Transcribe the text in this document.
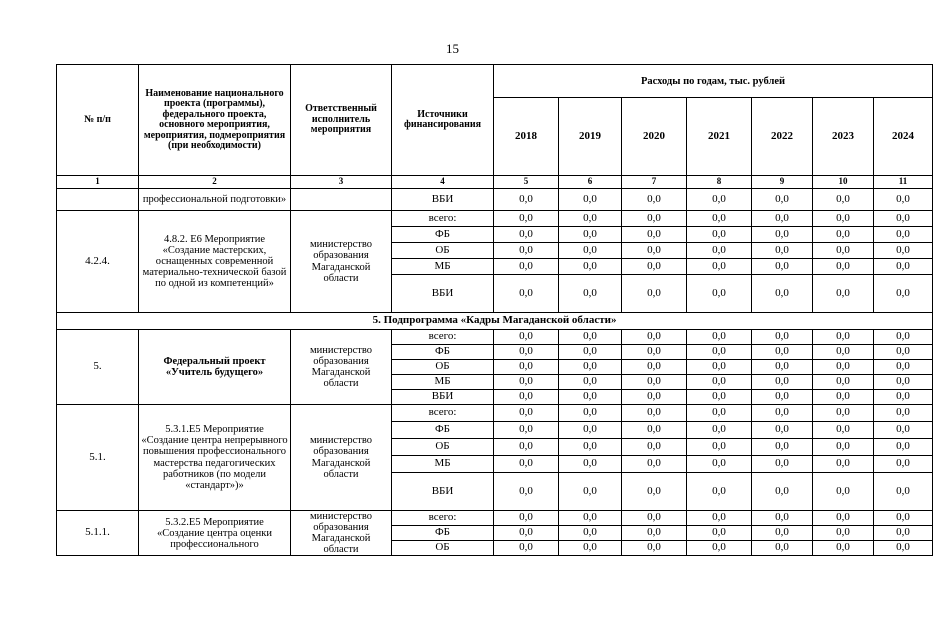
15
№ п/п	Наименование национального проекта (программы), федерального проекта, основного мероприятия, мероприятия, подмероприятия (при необходимости)	Ответственный исполнитель мероприятия	Источники финансирования	Расходы по годам, тыс. рублей						
				2018	2019	2020	2021	2022	2023	2024
1	2	3	4	5	6	7	8	9	10	11
	профессиональной подготовки»		ВБИ	0,0	0,0	0,0	0,0	0,0	0,0	0,0
4.2.4.	4.8.2. Е6 Мероприятие «Создание мастерских, оснащенных современной материально-технической базой по одной из компетенций»	министерство образования Магаданской области	всего:	0,0	0,0	0,0	0,0	0,0	0,0	0,0
			ФБ	0,0	0,0	0,0	0,0	0,0	0,0	0,0
			ОБ	0,0	0,0	0,0	0,0	0,0	0,0	0,0
			МБ	0,0	0,0	0,0	0,0	0,0	0,0	0,0
			ВБИ	0,0	0,0	0,0	0,0	0,0	0,0	0,0
5. Подпрограмма «Кадры Магаданской области»										
5.	Федеральный проект «Учитель будущего»	министерство образования Магаданской области	всего:	0,0	0,0	0,0	0,0	0,0	0,0	0,0
			ФБ	0,0	0,0	0,0	0,0	0,0	0,0	0,0
			ОБ	0,0	0,0	0,0	0,0	0,0	0,0	0,0
			МБ	0,0	0,0	0,0	0,0	0,0	0,0	0,0
			ВБИ	0,0	0,0	0,0	0,0	0,0	0,0	0,0
5.1.	5.3.1.Е5 Мероприятие «Создание центра непрерывного повышения профессионального мастерства педагогических работников (по модели «стандарт»)»	министерство образования Магаданской области	всего:	0,0	0,0	0,0	0,0	0,0	0,0	0,0
			ФБ	0,0	0,0	0,0	0,0	0,0	0,0	0,0
			ОБ	0,0	0,0	0,0	0,0	0,0	0,0	0,0
			МБ	0,0	0,0	0,0	0,0	0,0	0,0	0,0
			ВБИ	0,0	0,0	0,0	0,0	0,0	0,0	0,0
5.1.1.	5.3.2.Е5 Мероприятие «Создание центра оценки профессионального	министерство образования Магаданской области	всего:	0,0	0,0	0,0	0,0	0,0	0,0	0,0
			ФБ	0,0	0,0	0,0	0,0	0,0	0,0	0,0
			ОБ	0,0	0,0	0,0	0,0	0,0	0,0	0,0
